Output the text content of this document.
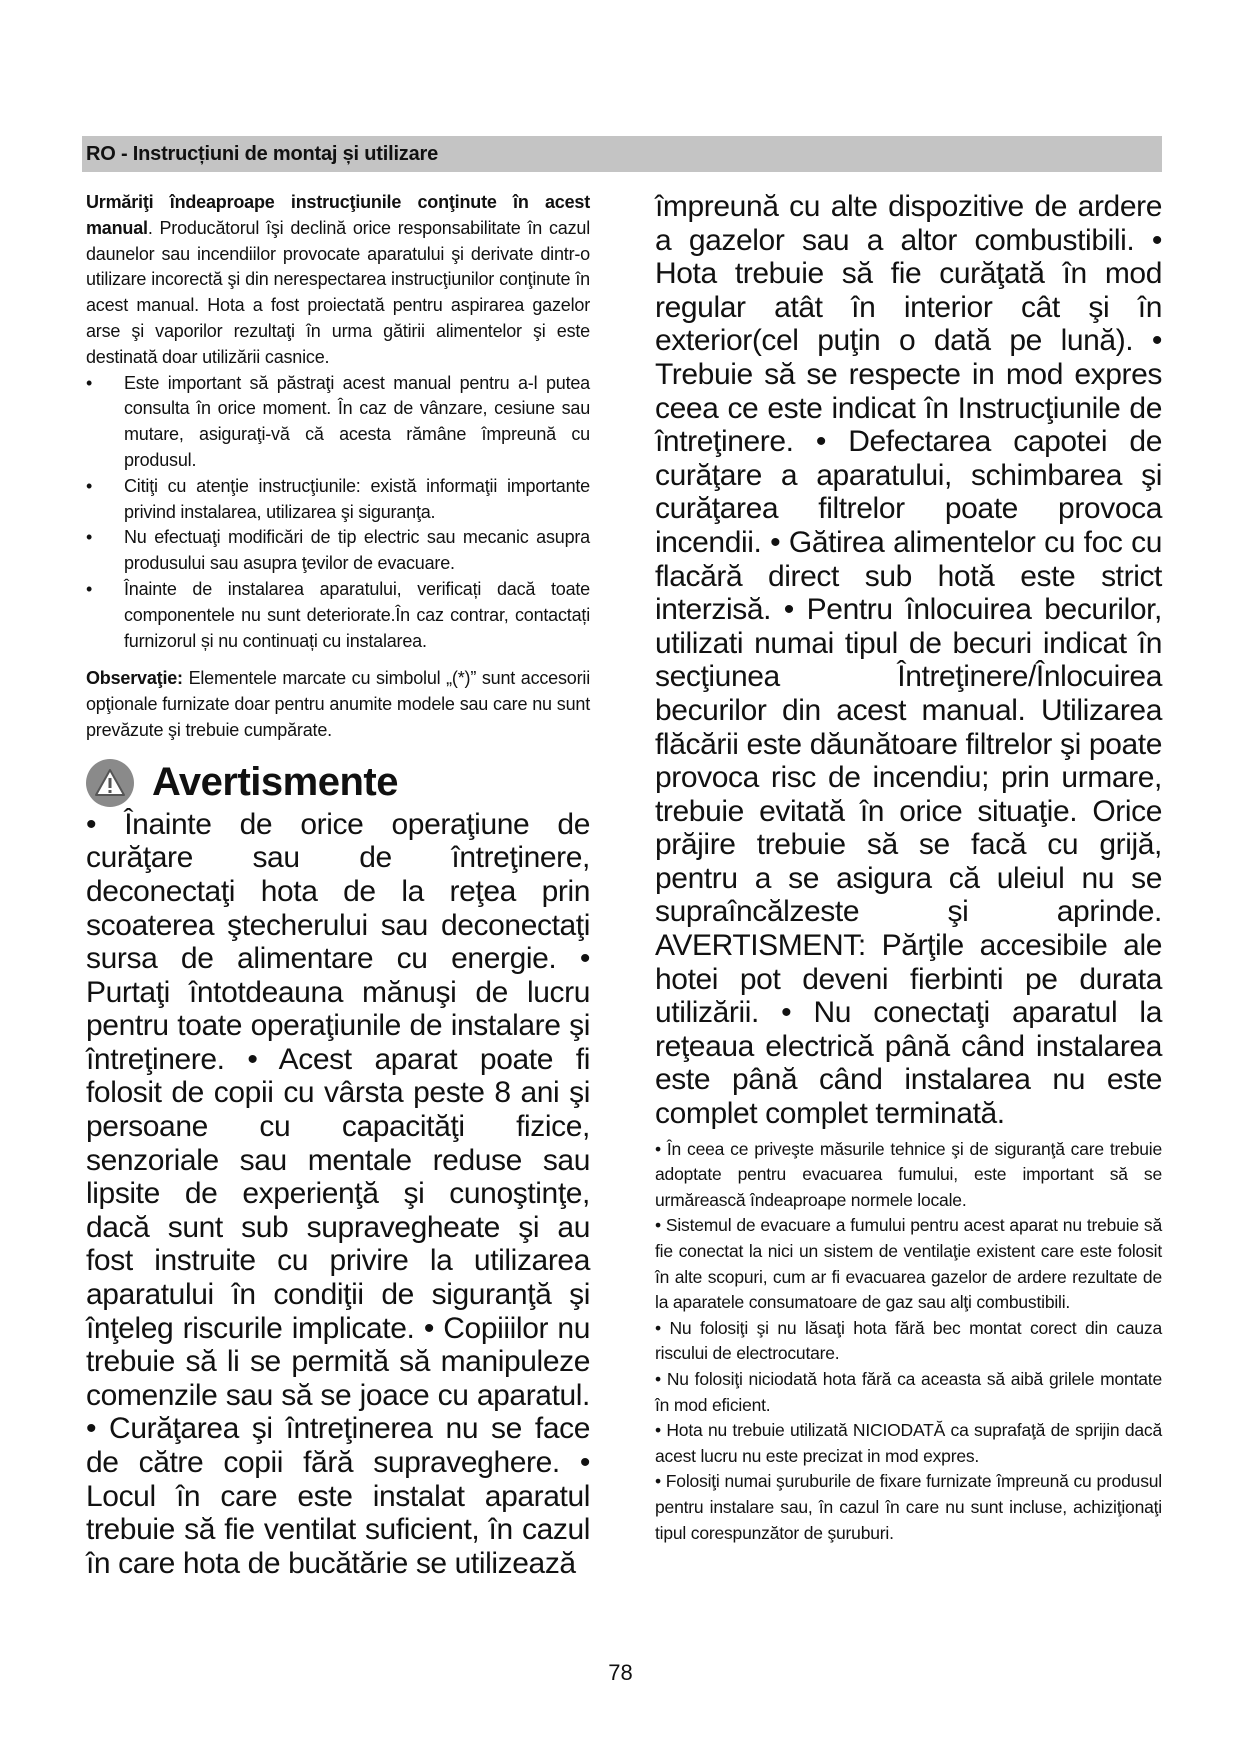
RO - Instrucțiuni de montaj și utilizare

Urmăriţi îndeaproape instrucţiunile conţinute în acest manual. Producătorul îşi declină orice responsabilitate în cazul daunelor sau incendiilor provocate aparatului şi derivate dintr-o utilizare incorectă şi din nerespectarea instrucţiunilor conţinute în acest manual. Hota a fost proiectată pentru aspirarea gazelor arse şi vaporilor rezultaţi în urma gătirii alimentelor şi este destinată doar utilizării casnice.

• Este important să păstraţi acest manual pentru a-l putea consulta în orice moment. În caz de vânzare, cesiune sau mutare, asiguraţi-vă că acesta rămâne împreună cu produsul.
• Citiţi cu atenţie instrucţiunile: există informaţii importante privind instalarea, utilizarea şi siguranţa.
• Nu efectuaţi modificări de tip electric sau mecanic asupra produsului sau asupra ţevilor de evacuare.
• Înainte de instalarea aparatului, verificați dacă toate componentele nu sunt deteriorate.În caz contrar, contactați furnizorul și nu continuați cu instalarea.

Observaţie: Elementele marcate cu simbolul „(*)” sunt accesorii opţionale furnizate doar pentru anumite modele sau care nu sunt prevăzute şi trebuie cumpărate.

Avertismente

• Înainte de orice operaţiune de curăţare sau de întreţinere, deconectaţi hota de la reţea prin scoaterea ştecherului sau deconectaţi sursa de alimentare cu energie. • Purtaţi întotdeauna mănuşi de lucru pentru toate operaţiunile de instalare şi întreţinere. • Acest aparat poate fi folosit de copii cu vârsta peste 8 ani şi persoane cu capacităţi fizice, senzoriale sau mentale reduse sau lipsite de experienţă şi cunoştinţe, dacă sunt sub supravegheate şi au fost instruite cu privire la utilizarea aparatului în condiţii de siguranţă şi înţeleg riscurile implicate. • Copiiilor nu trebuie să li se permită să manipuleze comenzile sau să se joace cu aparatul. • Curăţarea şi întreţinerea nu se face de către copii fără supraveghere. • Locul în care este instalat aparatul trebuie să fie ventilat suficient, în cazul în care hota de bucătărie se utilizează

împreună cu alte dispozitive de ardere a gazelor sau a altor combustibili. • Hota trebuie să fie curăţată în mod regular atât în interior cât şi în exterior(cel puţin o dată pe lună). • Trebuie să se respecte in mod expres ceea ce este indicat în Instrucţiunile de întreţinere. • Defectarea capotei de curăţare a aparatului, schimbarea şi curăţarea filtrelor poate provoca incendii. • Gătirea alimentelor cu foc cu flacără direct sub hotă este strict interzisă. • Pentru înlocuirea becurilor, utilizati numai tipul de becuri indicat în secţiunea Întreţinere/Înlocuirea becurilor din acest manual. Utilizarea flăcării este dăunătoare filtrelor şi poate provoca risc de incendiu; prin urmare, trebuie evitată în orice situaţie. Orice prăjire trebuie să se facă cu grijă, pentru a se asigura că uleiul nu se supraîncălzeste şi aprinde. AVERTISMENT: Părţile accesibile ale hotei pot deveni fierbinti pe durata utilizării. • Nu conectaţi aparatul la reţeaua electrică până când instalarea este până când instalarea nu este complet complet terminată.

• În ceea ce priveşte măsurile tehnice şi de siguranţă care trebuie adoptate pentru evacuarea fumului, este important să se urmărească îndeaproape normele locale.

• Sistemul de evacuare a fumului pentru acest aparat nu trebuie să fie conectat la nici un sistem de ventilaţie existent care este folosit în alte scopuri, cum ar fi evacuarea gazelor de ardere rezultate de la aparatele consumatoare de gaz sau alţi combustibili.

• Nu folosiţi şi nu lăsaţi hota fără bec montat corect din cauza riscului de electrocutare.

• Nu folosiţi niciodată hota fără ca aceasta să aibă grilele montate în mod eficient.

• Hota nu trebuie utilizată NICIODATĂ ca suprafaţă de sprijin dacă acest lucru nu este precizat in mod expres.

• Folosiţi numai şuruburile de fixare furnizate împreună cu produsul pentru instalare sau, în cazul în care nu sunt incluse, achiziţionaţi tipul corespunzător de şuruburi.

78
